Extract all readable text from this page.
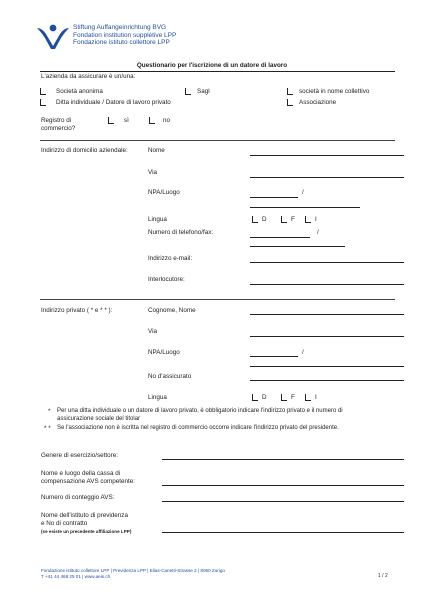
Stiftung Auffangeinrichtung BVG
Fondation institution supplétive LPP
Fondazione istituto collettore LPP
Questionario per l'iscrizione di un datore di lavoro
L'azienda da assicurare è un/una:
Società anonima	Sagl	società in nome collettivo
Ditta individuale / Datore di lavoro privato	Associazione
Registro di
commercio?
sì	no
Indirizzo di domicilio aziendale:	Nome
Via
NPA/Luogo	/
Lingua	D	F	I
Numero di telefono/fax:	/
Indirizzo e-mail:
Interlocutore:
Indirizzo privato ( * e * * ):	Cognome, Nome
Via
NPA/Luogo	/
No d'assicurato
Lingua	D	F	I
* Per una ditta individuale o un datore di lavoro privato, è obbligatorio indicare l'indirizzo privato e il numero di
assicurazione sociale del titolar
* * Se l'associazione non è iscritta nel registro di commercio occorre indicare l'indirizzo privato del presidente.
Genere di esercizio/settore:
Nome e luogo della cassa di
compensazione AVS competente:
Numero di conteggio AVS:
Nome dell'istituto di previdenza
e No di contratto
(se esiste un precedente affiliazione LPP)
Fondazione istituto collettore LPP | Previdenza LPP | Elias-Canetti-Strasse 2 | 8050 Zurigo
T +41 44 468 25 01 | www.aeis.ch	1 / 2
